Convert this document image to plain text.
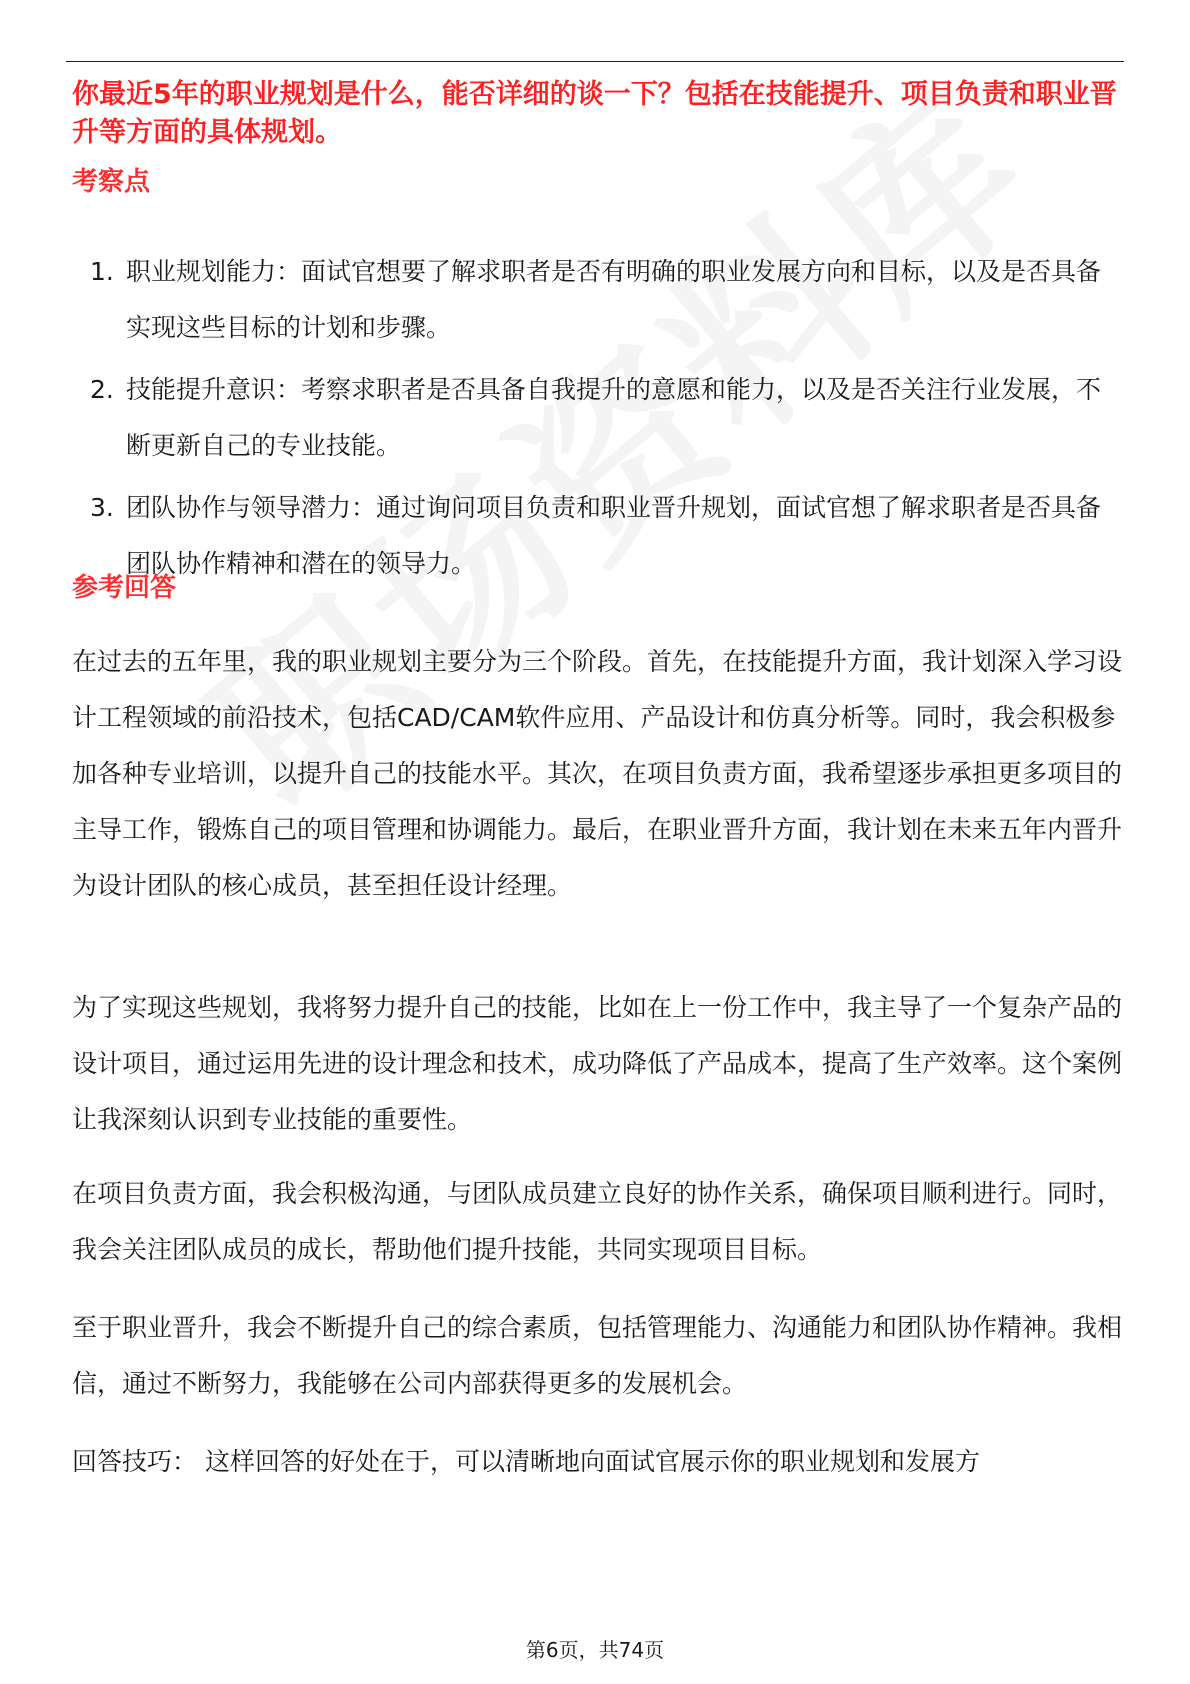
你最近5年的职业规划是什么，能否详细的谈一下？包括在技能提升、项目负责和职业晋升等方面的具体规划。

考察点

1. 职业规划能力：面试官想要了解求职者是否有明确的职业发展方向和目标，以及是否具备实现这些目标的计划和步骤。
2. 技能提升意识：考察求职者是否具备自我提升的意愿和能力，以及是否关注行业发展，不断更新自己的专业技能。
3. 团队协作与领导潜力：通过询问项目负责和职业晋升规划，面试官想了解求职者是否具备团队协作精神和潜在的领导力。

参考回答

在过去的五年里，我的职业规划主要分为三个阶段。首先，在技能提升方面，我计划深入学习设计工程领域的前沿技术，包括CAD/CAM软件应用、产品设计和仿真分析等。同时，我会积极参加各种专业培训，以提升自己的技能水平。其次，在项目负责方面，我希望逐步承担更多项目的主导工作，锻炼自己的项目管理和协调能力。最后，在职业晋升方面，我计划在未来五年内晋升为设计团队的核心成员，甚至担任设计经理。

为了实现这些规划，我将努力提升自己的技能，比如在上一份工作中，我主导了一个复杂产品的设计项目，通过运用先进的设计理念和技术，成功降低了产品成本，提高了生产效率。这个案例让我深刻认识到专业技能的重要性。

在项目负责方面，我会积极沟通，与团队成员建立良好的协作关系，确保项目顺利进行。同时，我会关注团队成员的成长，帮助他们提升技能，共同实现项目目标。

至于职业晋升，我会不断提升自己的综合素质，包括管理能力、沟通能力和团队协作精神。我相信，通过不断努力，我能够在公司内部获得更多的发展机会。

回答技巧： 这样回答的好处在于，可以清晰地向面试官展示你的职业规划和发展方

第6页，共74页
